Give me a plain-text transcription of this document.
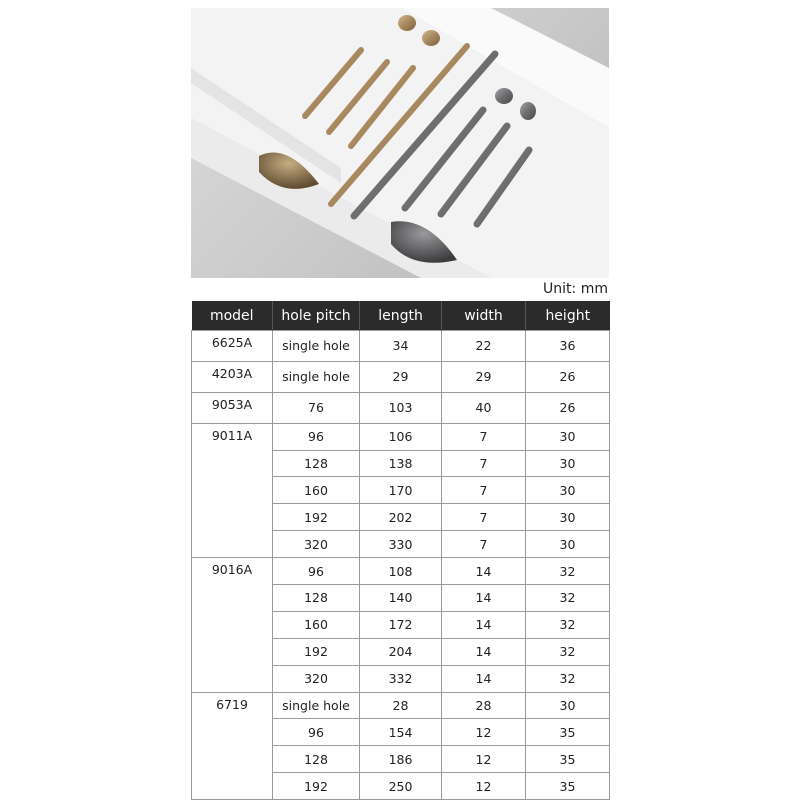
Unit: mm
model	hole pitch	length	width	height
6625A	single hole	34	22	36
4203A	single hole	29	29	26
9053A	76	103	40	26
9011A	96	106	7	30
	128	138	7	30
	160	170	7	30
	192	202	7	30
	320	330	7	30
9016A	96	108	14	32
	128	140	14	32
	160	172	14	32
	192	204	14	32
	320	332	14	32
6719	single hole	28	28	30
	96	154	12	35
	128	186	12	35
	192	250	12	35
